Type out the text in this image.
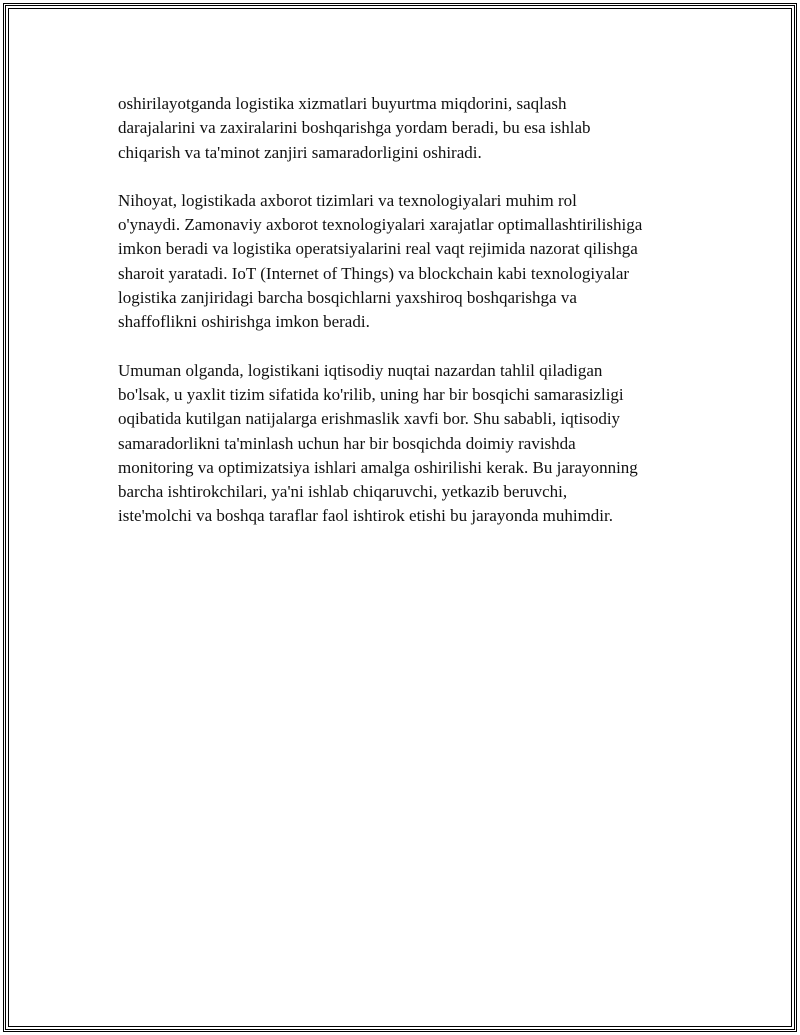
oshirilayotganda logistika xizmatlari buyurtma miqdorini, saqlash
darajalarini va zaxiralarini boshqarishga yordam beradi, bu esa ishlab
chiqarish va ta'minot zanjiri samaradorligini oshiradi.

Nihoyat, logistikada axborot tizimlari va texnologiyalari muhim rol
o'ynaydi. Zamonaviy axborot texnologiyalari xarajatlar optimallashtirilishiga
imkon beradi va logistika operatsiyalarini real vaqt rejimida nazorat qilishga
sharoit yaratadi. IoT (Internet of Things) va blockchain kabi texnologiyalar
logistika zanjiridagi barcha bosqichlarni yaxshiroq boshqarishga va
shaffoflikni oshirishga imkon beradi.

Umuman olganda, logistikani iqtisodiy nuqtai nazardan tahlil qiladigan
bo'lsak, u yaxlit tizim sifatida ko'rilib, uning har bir bosqichi samarasizligi
oqibatida kutilgan natijalarga erishmaslik xavfi bor. Shu sababli, iqtisodiy
samaradorlikni ta'minlash uchun har bir bosqichda doimiy ravishda
monitoring va optimizatsiya ishlari amalga oshirilishi kerak. Bu jarayonning
barcha ishtirokchilari, ya'ni ishlab chiqaruvchi, yetkazib beruvchi,
iste'molchi va boshqa taraflar faol ishtirok etishi bu jarayonda muhimdir.
